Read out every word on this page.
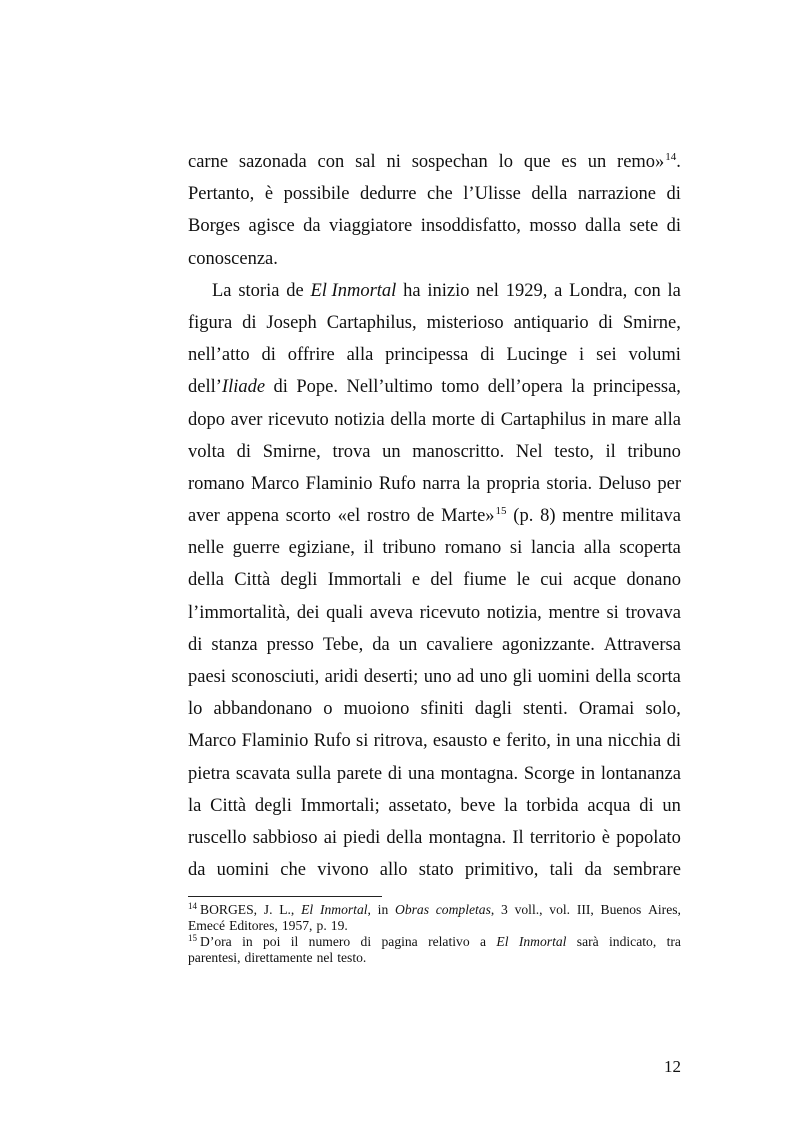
carne sazonada con sal ni sospechan lo que es un remo»$^{14}$.
Pertanto, è possibile dedurre che l’Ulisse della narrazione di
Borges agisce da viaggiatore insoddisfatto, mosso dalla sete di
conoscenza.
La storia de El Inmortal ha inizio nel 1929, a Londra, con la
figura di Joseph Cartaphilus, misterioso antiquario di Smirne,
nell’atto di offrire alla principessa di Lucinge i sei volumi
dell’Iliade di Pope. Nell’ultimo tomo dell’opera la principessa,
dopo aver ricevuto notizia della morte di Cartaphilus in mare alla
volta di Smirne, trova un manoscritto. Nel testo, il tribuno
romano Marco Flaminio Rufo narra la propria storia. Deluso per
aver appena scorto «el rostro de Marte»$^{15}$ (p. 8) mentre militava
nelle guerre egiziane, il tribuno romano si lancia alla scoperta
della Città degli Immortali e del fiume le cui acque donano
l’immortalità, dei quali aveva ricevuto notizia, mentre si trovava
di stanza presso Tebe, da un cavaliere agonizzante. Attraversa
paesi sconosciuti, aridi deserti; uno ad uno gli uomini della scorta
lo abbandonano o muoiono sfiniti dagli stenti. Oramai solo,
Marco Flaminio Rufo si ritrova, esausto e ferito, in una nicchia di
pietra scavata sulla parete di una montagna. Scorge in lontananza
la Città degli Immortali; assetato, beve la torbida acqua di un
ruscello sabbioso ai piedi della montagna. Il territorio è popolato
da uomini che vivono allo stato primitivo, tali da sembrare
$^{14}$ BORGES, J. L., El Inmortal, in Obras completas, 3 voll., vol. III, Buenos Aires,
Emecé Editores, 1957, p. 19.
$^{15}$ D’ora in poi il numero di pagina relativo a El Inmortal sarà indicato, tra
parentesi, direttamente nel testo.
12
